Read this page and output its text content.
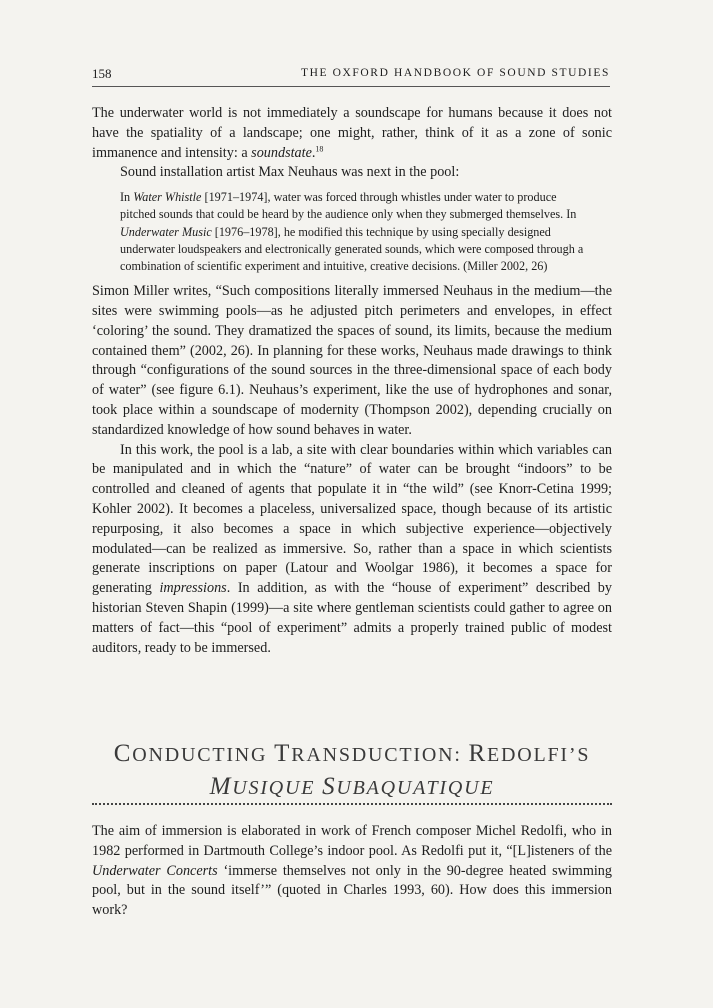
158	THE OXFORD HANDBOOK OF SOUND STUDIES

The underwater world is not immediately a soundscape for humans because it does not have the spatiality of a landscape; one might, rather, think of it as a zone of sonic immanence and intensity: a soundstate.$^{18}$

Sound installation artist Max Neuhaus was next in the pool:

In Water Whistle [1971–1974], water was forced through whistles under water to produce pitched sounds that could be heard by the audience only when they submerged themselves. In Underwater Music [1976–1978], he modified this technique by using specially designed underwater loudspeakers and electronically generated sounds, which were composed through a combination of scientific experiment and intuitive, creative decisions. (Miller 2002, 26)

Simon Miller writes, “Such compositions literally immersed Neuhaus in the medium—the sites were swimming pools—as he adjusted pitch perimeters and envelopes, in effect ‘coloring’ the sound. They dramatized the spaces of sound, its limits, because the medium contained them” (2002, 26). In planning for these works, Neuhaus made drawings to think through “configurations of the sound sources in the three-dimensional space of each body of water” (see figure 6.1). Neuhaus’s experiment, like the use of hydrophones and sonar, took place within a soundscape of modernity (Thompson 2002), depending crucially on standardized knowledge of how sound behaves in water.

In this work, the pool is a lab, a site with clear boundaries within which variables can be manipulated and in which the “nature” of water can be brought “indoors” to be controlled and cleaned of agents that populate it in “the wild” (see Knorr-Cetina 1999; Kohler 2002). It becomes a placeless, universalized space, though because of its artistic repurposing, it also becomes a space in which subjective experience—objectively modulated—can be realized as immersive. So, rather than a space in which scientists generate inscriptions on paper (Latour and Woolgar 1986), it becomes a space for generating impressions. In addition, as with the “house of experiment” described by historian Steven Shapin (1999)—a site where gentleman scientists could gather to agree on matters of fact—this “pool of experiment” admits a properly trained public of modest auditors, ready to be immersed.

CONDUCTING TRANSDUCTION: REDOLFI’S
MUSIQUE SUBAQUATIQUE

The aim of immersion is elaborated in work of French composer Michel Redolfi, who in 1982 performed in Dartmouth College’s indoor pool. As Redolfi put it, “[L]isteners of the Underwater Concerts ‘immerse themselves not only in the 90-degree heated swimming pool, but in the sound itself’” (quoted in Charles 1993, 60). How does this immersion work?
